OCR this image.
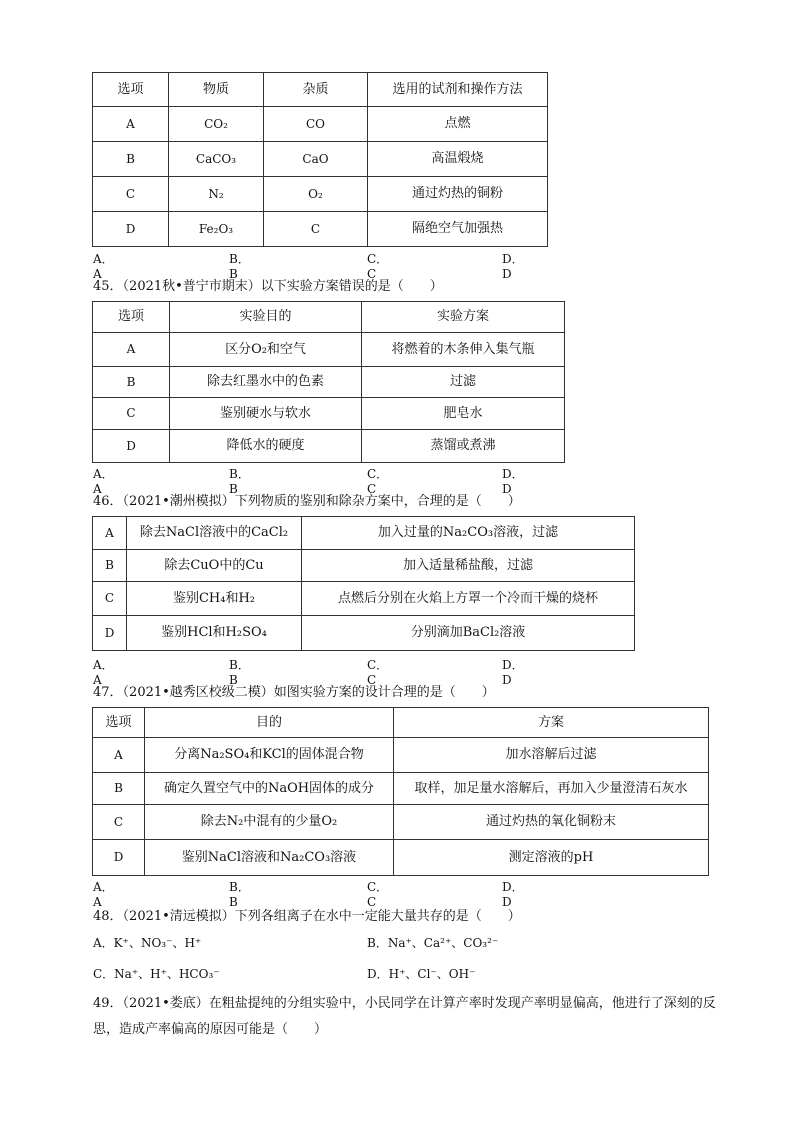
选项	物质	杂质	选用的试剂和操作方法
A	CO₂	CO	点燃
B	CaCO₃	CaO	高温煅烧
C	N₂	O₂	通过灼热的铜粉
D	Fe₂O₃	C	隔绝空气加强热
A．A
B．B
C．C
D．D
45．（2021秋•普宁市期末）以下实验方案错误的是（　　）
选项	实验目的	实验方案
A	区分O₂和空气	将燃着的木条伸入集气瓶
B	除去红墨水中的色素	过滤
C	鉴别硬水与软水	肥皂水
D	降低水的硬度	蒸馏或煮沸
A．A
B．B
C．C
D．D
46．（2021•潮州模拟）下列物质的鉴别和除杂方案中，合理的是（　　）
A	除去NaCl溶液中的CaCl₂	加入过量的Na₂CO₃溶液，过滤
B	除去CuO中的Cu	加入适量稀盐酸，过滤
C	鉴别CH₄和H₂	点燃后分别在火焰上方罩一个冷而干燥的烧杯
D	鉴别HCl和H₂SO₄	分别滴加BaCl₂溶液
A．A
B．B
C．C
D．D
47．（2021•越秀区校级二模）如图实验方案的设计合理的是（　　）
选项	目的	方案
A	分离Na₂SO₄和KCl的固体混合物	加水溶解后过滤
B	确定久置空气中的NaOH固体的成分	取样，加足量水溶解后，再加入少量澄清石灰水
C	除去N₂中混有的少量O₂	通过灼热的氧化铜粉末
D	鉴别NaCl溶液和Na₂CO₃溶液	测定溶液的pH
A．A
B．B
C．C
D．D
48．（2021•清远模拟）下列各组离子在水中一定能大量共存的是（　　）
A．K⁺、NO₃⁻、H⁺	B．Na⁺、Ca²⁺、CO₃²⁻
C．Na⁺、H⁺、HCO₃⁻	D．H⁺、Cl⁻、OH⁻
49．（2021•娄底）在粗盐提纯的分组实验中，小民同学在计算产率时发现产率明显偏高，他进行了深刻的反思，造成产率偏高的原因可能是（　　）
